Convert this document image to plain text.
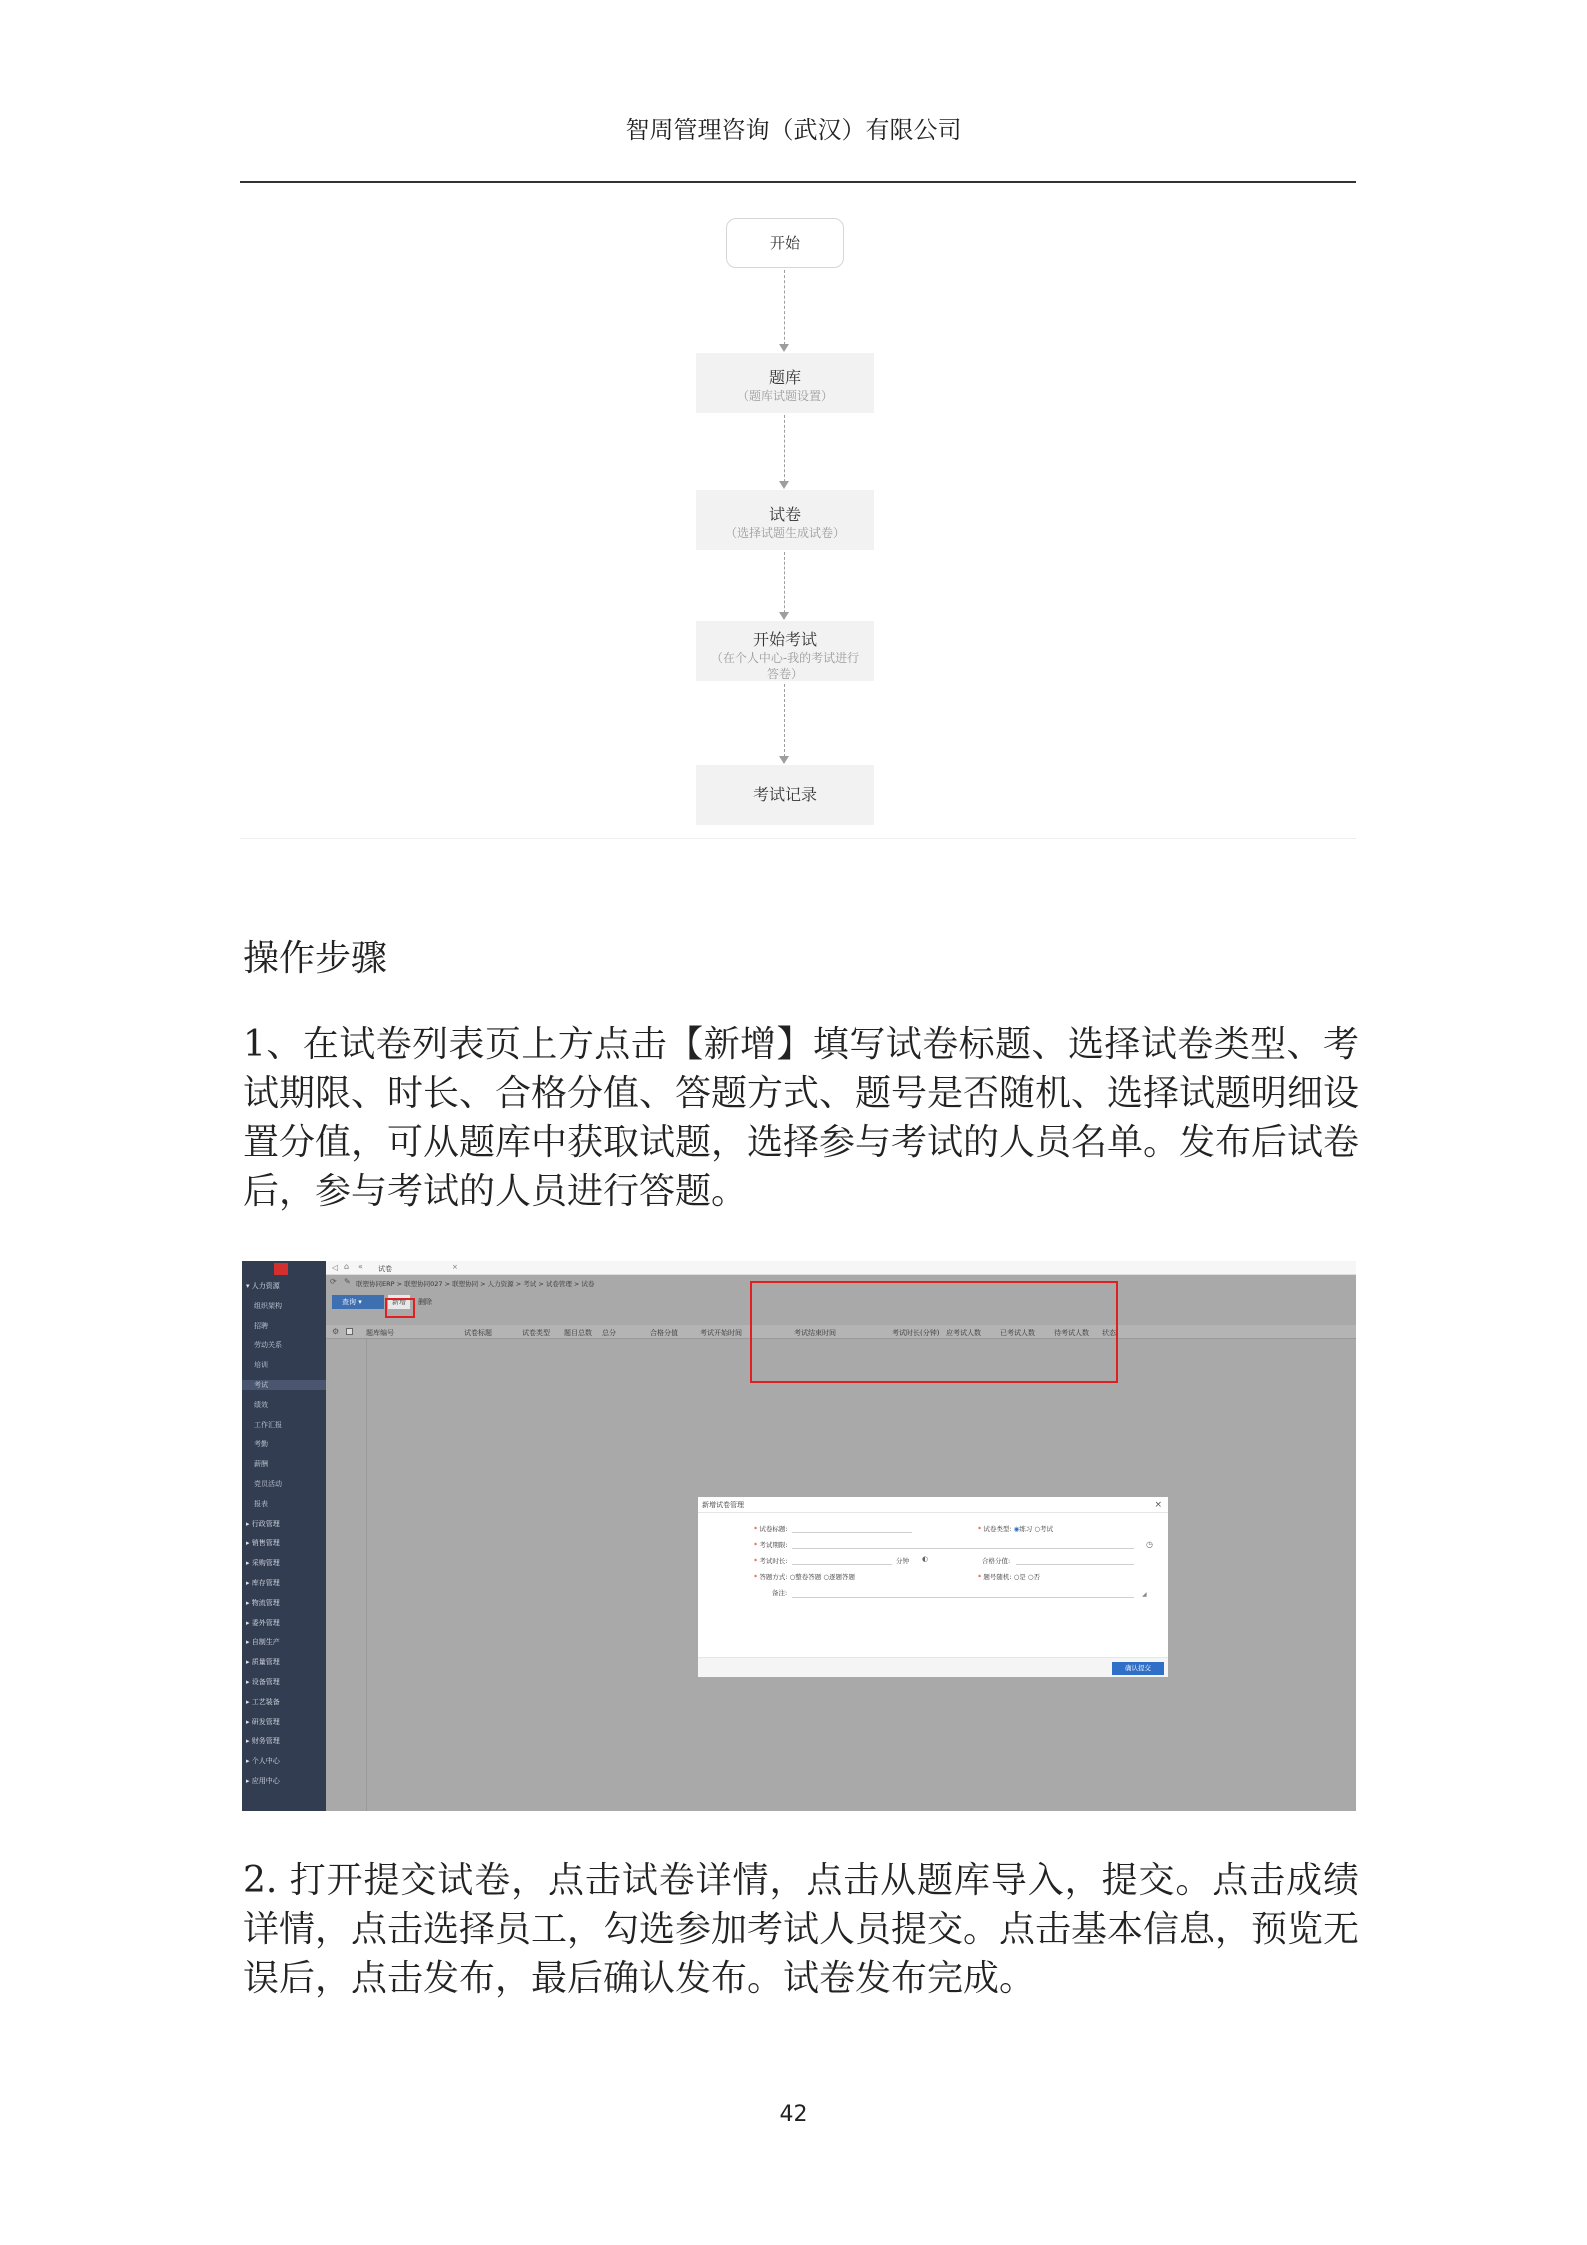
智周管理咨询（武汉）有限公司
开始
题库
（题库试题设置）
试卷
（选择试题生成试卷）
开始考试
（在个人中心-我的考试进行答卷）
考试记录
操作步骤
1、在试卷列表页上方点击【新增】填写试卷标题、选择试卷类型、考试期限、时长、合格分值、答题方式、题号是否随机、选择试题明细设置分值，可从题库中获取试题，选择参与考试的人员名单。发布后试卷后，参与考试的人员进行答题。
▾ 人力资源
组织架构
招聘
劳动关系
培训
考试
绩效
工作汇报
考勤
薪酬
党员活动
报表
▸ 行政管理
▸ 销售管理
▸ 采购管理
▸ 库存管理
▸ 物流管理
▸ 委外管理
▸ 自制生产
▸ 质量管理
▸ 设备管理
▸ 工艺装备
▸ 研发管理
▸ 财务管理
▸ 个人中心
▸ 应用中心
◁ ⌂ « 试卷	×
⟳ ✎ 联塑协同ERP > 联塑协同027 > 联塑协同 > 人力资源 > 考试 > 试卷管理 > 试卷
查询 ▾	新增	删除
⚙	题库编号	试卷标题	试卷类型 题目总数 总分	合格分值	考试开始时间	考试结束时间	考试时长(分钟) 应考试人数	已考试人数	待考试人数 状态
新增试卷管理	×
* 试卷标题:	* 试卷类型: ◉练习 ○考试
* 考试期限:	◷
* 考试时长:	分钟 ◐	合格分值:
* 答题方式: ○整卷答题 ○逐题答题	* 题号随机: ○是 ○否
备注:	◢
确认提交
2. 打开提交试卷，点击试卷详情，点击从题库导入，提交。点击成绩详情，点击选择员工，勾选参加考试人员提交。点击基本信息，预览无误后，点击发布，最后确认发布。试卷发布完成。
42
